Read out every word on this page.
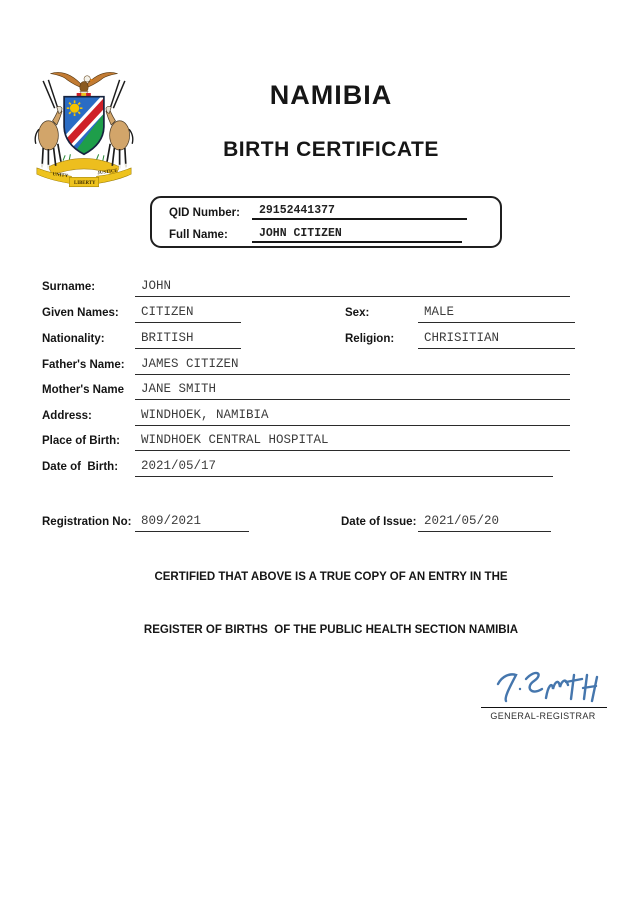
UNITY
LIBERTY
JUSTICE
NAMIBIA
BIRTH CERTIFICATE
QID Number:	29152441377
Full Name:	JOHN CITIZEN
Surname:	JOHN
Given Names:	CITIZEN	Sex:	MALE
Nationality:	BRITISH	Religion:	CHRISITIAN
Father's Name:	JAMES CITIZEN
Mother's Name	JANE SMITH
Address:	WINDHOEK, NAMIBIA
Place of Birth:	WINDHOEK CENTRAL HOSPITAL
Date of  Birth:	2021/05/17
Registration No: 809/2021	Date of Issue: 2021/05/20
CERTIFIED THAT ABOVE IS A TRUE COPY OF AN ENTRY IN THE
REGISTER OF BIRTHS  OF THE PUBLIC HEALTH SECTION NAMIBIA
GENERAL-REGISTRAR
